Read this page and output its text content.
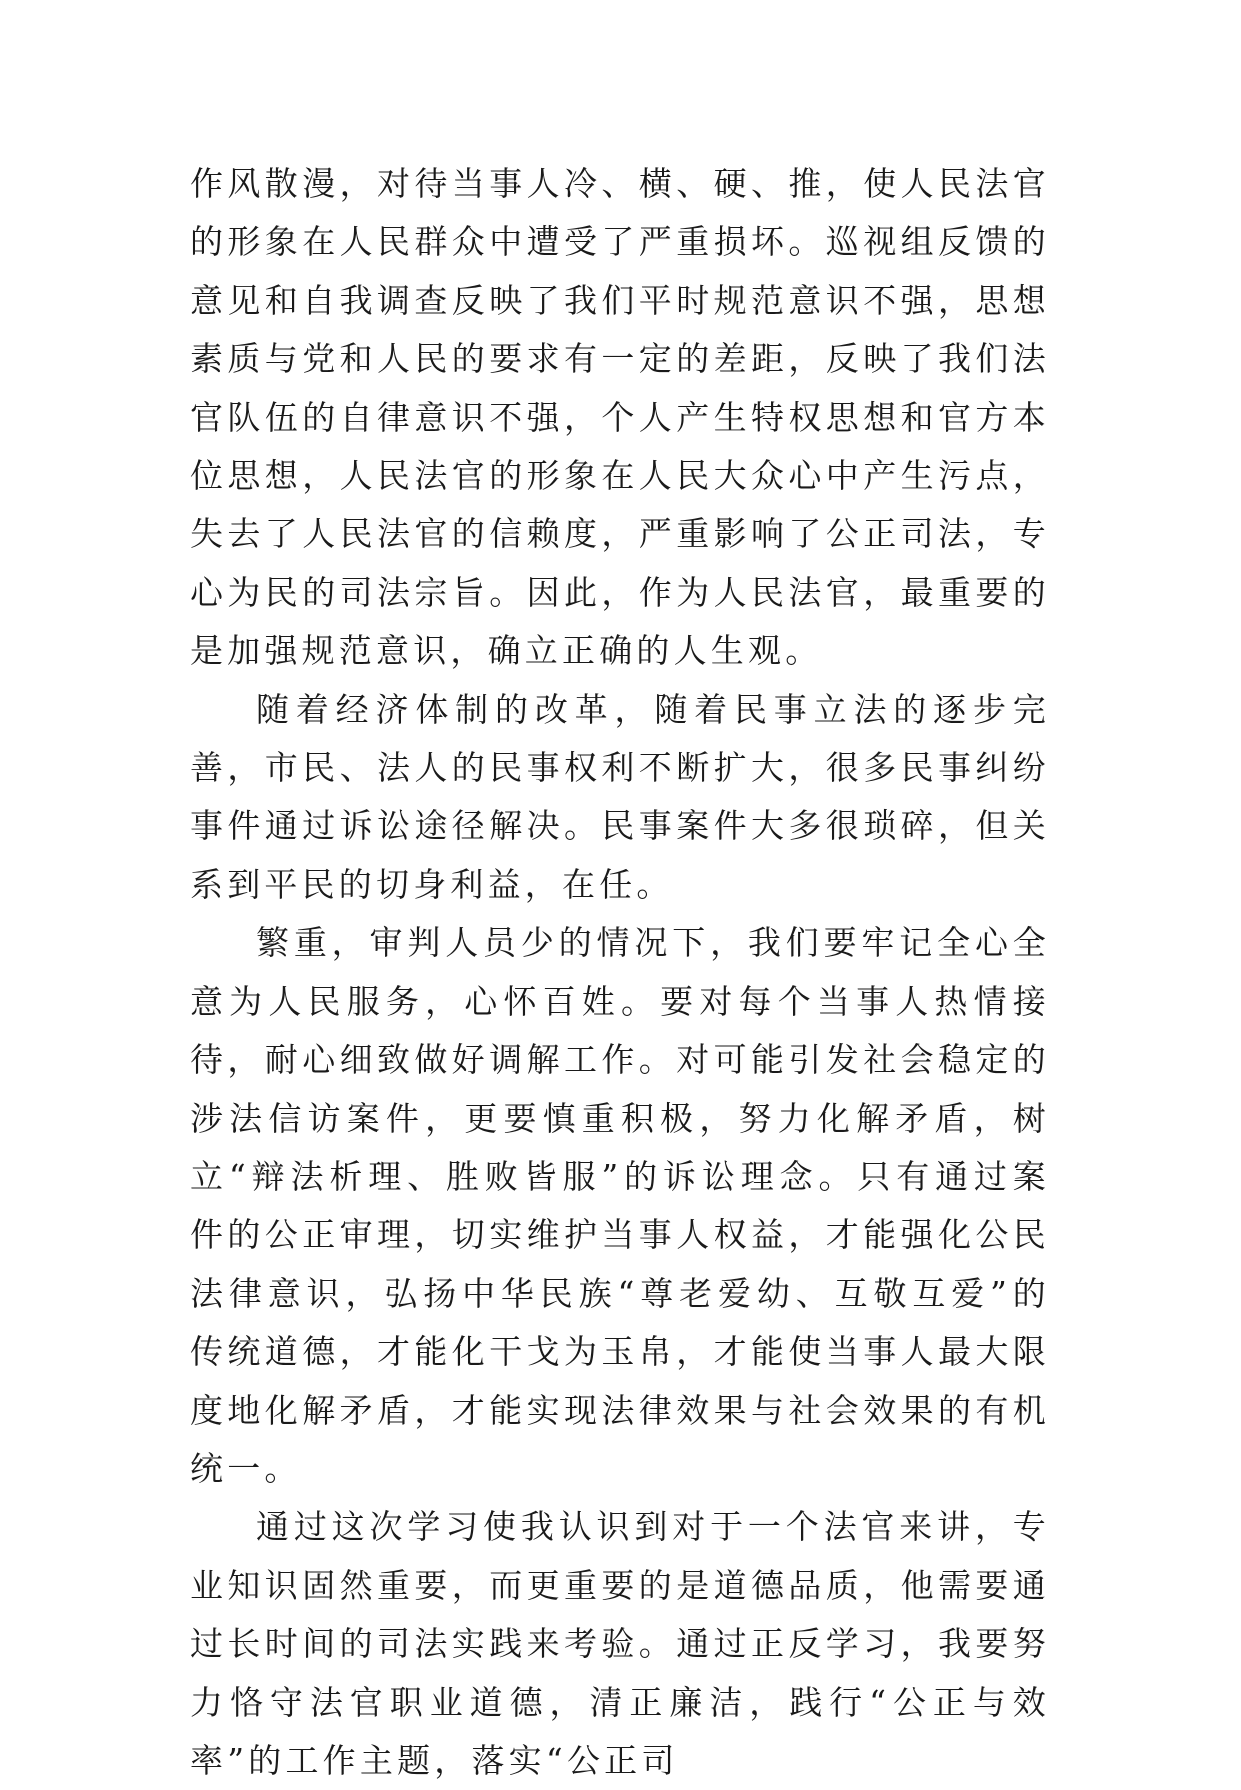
作风散漫，对待当事人冷、横、硬、推，使人民法官的形象在人民群众中遭受了严重损坏。巡视组反馈的意见和自我调查反映了我们平时规范意识不强，思想素质与党和人民的要求有一定的差距，反映了我们法官队伍的自律意识不强，个人产生特权思想和官方本位思想，人民法官的形象在人民大众心中产生污点，失去了人民法官的信赖度，严重影响了公正司法，专心为民的司法宗旨。因此，作为人民法官，最重要的是加强规范意识，确立正确的人生观。

随着经济体制的改革，随着民事立法的逐步完善，市民、法人的民事权利不断扩大，很多民事纠纷事件通过诉讼途径解决。民事案件大多很琐碎，但关系到平民的切身利益，在任。

繁重，审判人员少的情况下，我们要牢记全心全意为人民服务，心怀百姓。要对每个当事人热情接待，耐心细致做好调解工作。对可能引发社会稳定的涉法信访案件，更要慎重积极，努力化解矛盾，树立“辩法析理、胜败皆服”的诉讼理念。只有通过案件的公正审理，切实维护当事人权益，才能强化公民法律意识，弘扬中华民族“尊老爱幼、互敬互爱”的传统道德，才能化干戈为玉帛，才能使当事人最大限度地化解矛盾，才能实现法律效果与社会效果的有机统一。

通过这次学习使我认识到对于一个法官来讲，专业知识固然重要，而更重要的是道德品质，他需要通过长时间的司法实践来考验。通过正反学习，我要努力恪守法官职业道德，清正廉洁，践行“公正与效率”的工作主题，落实“公正司
